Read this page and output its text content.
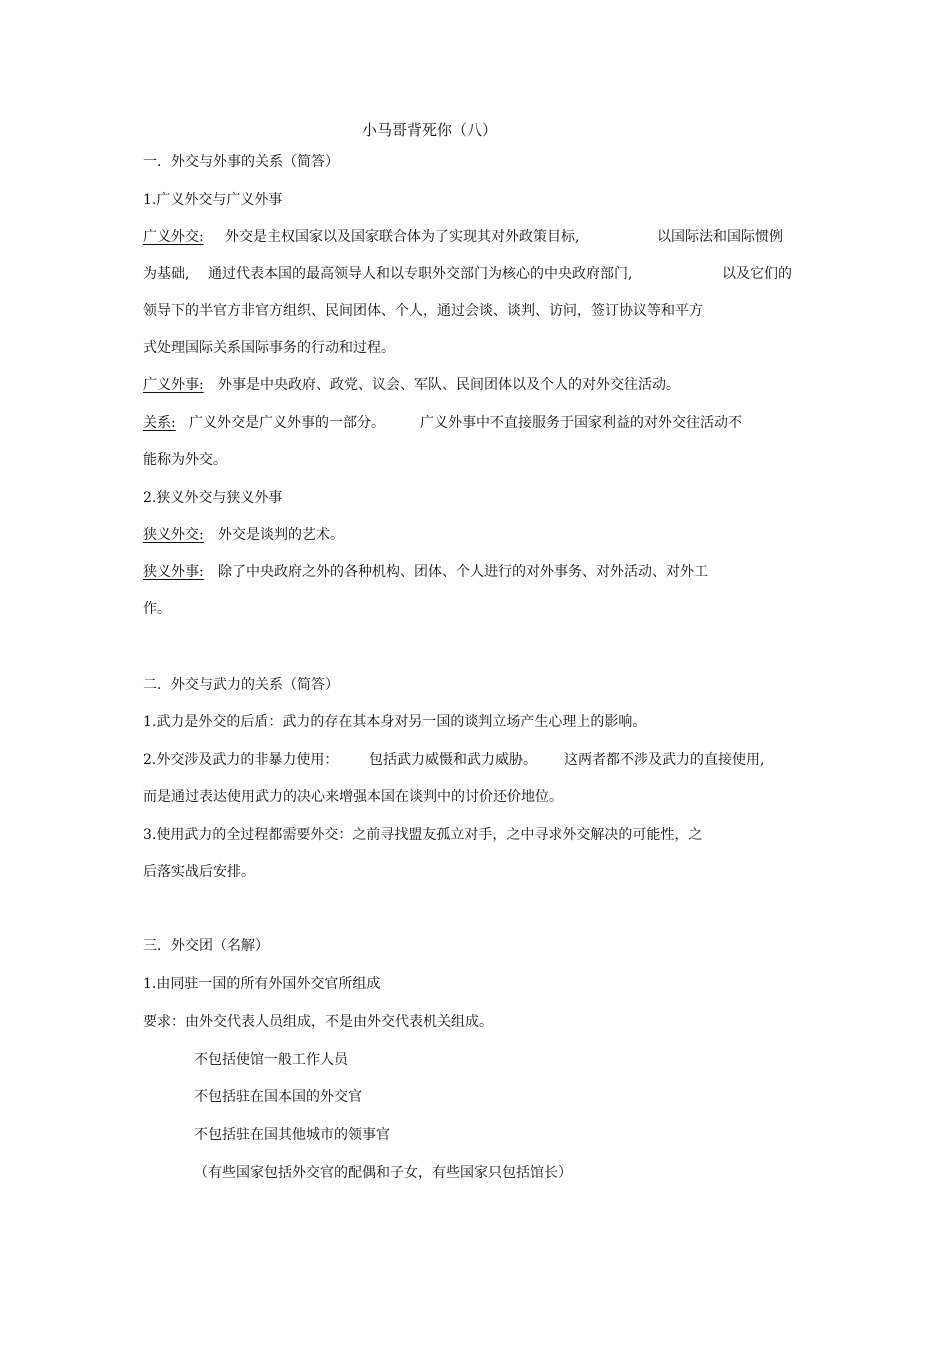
小马哥背死你（八）
一．外交与外事的关系（简答）
1.广义外交与广义外事
广义外交: 外交是主权国家以及国家联合体为了实现其对外政策目标,	以国际法和国际惯例
为基础, 通过代表本国的最高领导人和以专职外交部门为核心的中央政府部门,	以及它们的
领导下的半官方非官方组织、民间团体、个人，通过会谈、谈判、访问，签订协议等和平方
式处理国际关系国际事务的行动和过程。
广义外事: 外事是中央政府、政党、议会、军队、民间团体以及个人的对外交往活动。
关系: 广义外交是广义外事的一部分。	广义外事中不直接服务于国家利益的对外交往活动不
能称为外交。
2.狭义外交与狭义外事
狭义外交: 外交是谈判的艺术。
狭义外事: 除了中央政府之外的各种机构、团体、个人进行的对外事务、对外活动、对外工
作。
二．外交与武力的关系（简答）
1.武力是外交的后盾：武力的存在其本身对另一国的谈判立场产生心理上的影响。
2.外交涉及武力的非暴力使用： 包括武力威慑和武力威胁。 这两者都不涉及武力的直接使用,
而是通过表达使用武力的决心来增强本国在谈判中的讨价还价地位。
3.使用武力的全过程都需要外交：之前寻找盟友孤立对手，之中寻求外交解决的可能性，之
后落实战后安排。
三．外交团（名解）
1.由同驻一国的所有外国外交官所组成
要求：由外交代表人员组成，不是由外交代表机关组成。
不包括使馆一般工作人员
不包括驻在国本国的外交官
不包括驻在国其他城市的领事官
（有些国家包括外交官的配偶和子女，有些国家只包括馆长）
